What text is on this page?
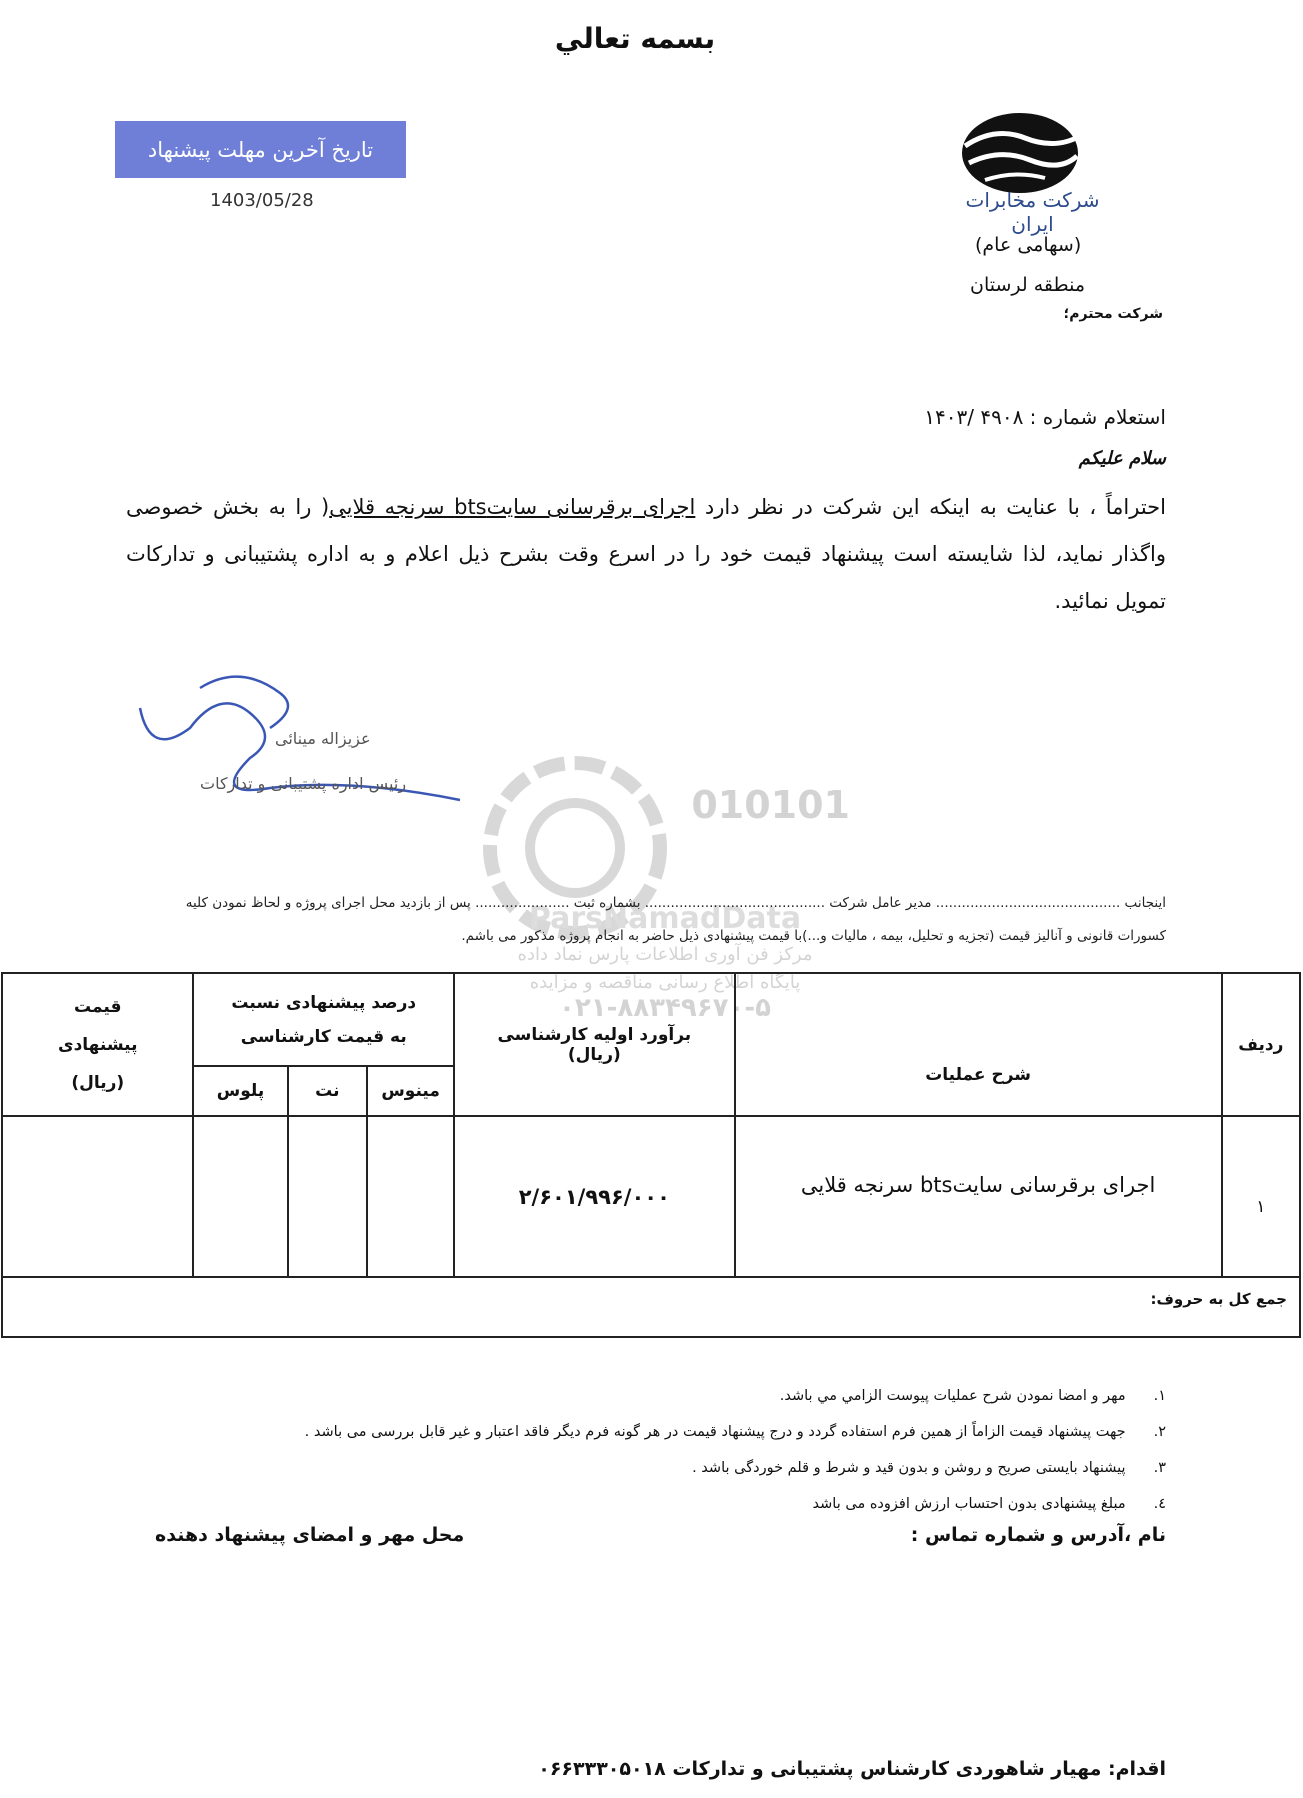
بسمه تعالي
تاریخ آخرین مهلت پیشنهاد
1403/05/28	شرکت مخابرات ایران
(سهامی عام)
منطقه لرستان
شرکت محترم؛
استعلام شماره : ۴۹۰۸ /۱۴۰۳
سلام علیکم
احتراماً ، با عنایت به اینکه این شرکت در نظر دارد اجرای برقرسانی سایتbts سرنجه قلایی( را به بخش خصوصی واگذار نماید، لذا شایسته است پیشنهاد قیمت خود را در اسرع وقت بشرح ذیل اعلام و به اداره پشتیبانی و تدارکات تمویل نمائید.
010101
ParsNamadData
مرکز فن آوری اطلاعات پارس نماد داده
پایگاه اطلاع رسانی مناقصه و مزایده
۰۲۱-۸۸۳۴۹۶۷۰-۵
عزیزاله مینائی
رئیس اداره پشتیبانی و تدارکات
اینجانب ........................................... مدیر عامل شرکت .......................................... بشماره ثبت ...................... پس از بازدید محل اجرای پروژه و لحاظ نمودن کلیه
کسورات قانونی و آنالیز قیمت (تجزیه و تحلیل، بیمه ، مالیات و...)با قیمت پیشنهادی ذیل حاضر به انجام پروژه مذکور می باشم.
ردیف	شرح عملیات	برآورد اولیه کارشناسی (ریال)	درصد پیشنهادی نسبت به قیمت کارشناسی			قیمت پیشنهادی (ریال)
			مینوس	نت	پلوس	
۱	اجرای برقرسانی سایتbts سرنجه قلایی	۲/۶۰۱/۹۹۶/۰۰۰				
جمع کل به حروف:						
١.
مهر و امضا نمودن شرح عملیات پیوست الزامي مي باشد.
٢.
جهت پیشنهاد قیمت الزاماً از همین فرم استفاده گردد و درج پیشنهاد قیمت در هر گونه فرم دیگر فاقد اعتبار و غیر قابل بررسی می باشد .
٣.
پیشنهاد بایستی صریح و روشن و بدون قید و شرط و قلم خوردگی باشد .
٤.
مبلغ پیشنهادی بدون احتساب ارزش افزوده می باشد
نام ،آدرس و شماره تماس :
محل مهر و امضای پیشنهاد دهنده
اقدام: مهیار شاهوردی کارشناس پشتیبانی و تدارکات ۰۶۶۳۳۳۰۵۰۱۸
